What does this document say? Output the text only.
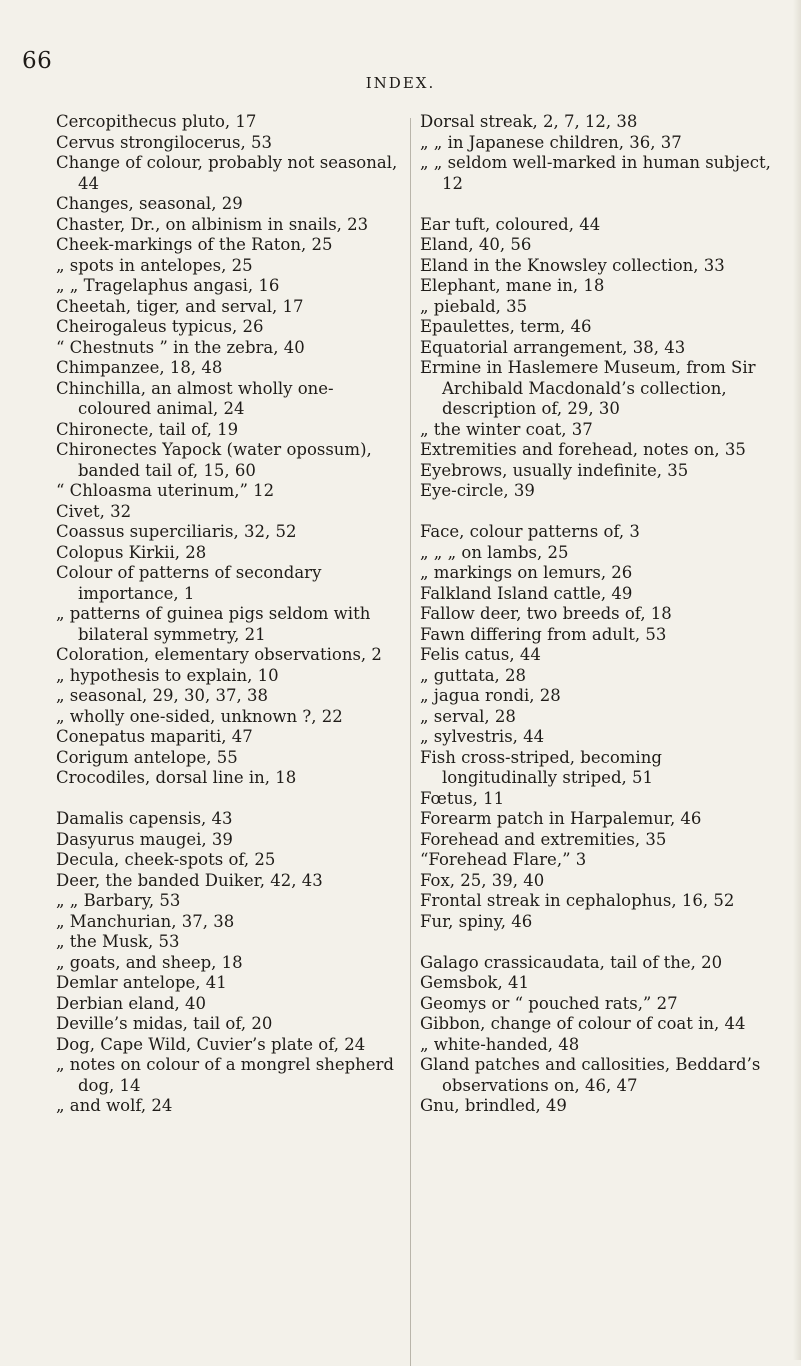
66
INDEX.
Cercopithecus pluto, 17
Cervus strongilocerus, 53
Change of colour, probably not seasonal, 44
Changes, seasonal, 29
Chaster, Dr., on albinism in snails, 23
Cheek-markings of the Raton, 25
„ spots in antelopes, 25
„ „ Tragelaphus angasi, 16
Cheetah, tiger, and serval, 17
Cheirogaleus typicus, 26
“ Chestnuts ” in the zebra, 40
Chimpanzee, 18, 48
Chinchilla, an almost wholly one-coloured animal, 24
Chironecte, tail of, 19
Chironectes Yapock (water opossum), banded tail of, 15, 60
“ Chloasma uterinum,” 12
Civet, 32
Coassus superciliaris, 32, 52
Colopus Kirkii, 28
Colour of patterns of secondary importance, 1
„ patterns of guinea pigs seldom with bilateral symmetry, 21
Coloration, elementary observations, 2
„ hypothesis to explain, 10
„ seasonal, 29, 30, 37, 38
„ wholly one-sided, unknown ?, 22
Conepatus mapariti, 47
Corigum antelope, 55
Crocodiles, dorsal line in, 18
Damalis capensis, 43
Dasyurus maugei, 39
Decula, cheek-spots of, 25
Deer, the banded Duiker, 42, 43
„ „ Barbary, 53
„ Manchurian, 37, 38
„ the Musk, 53
„ goats, and sheep, 18
Demlar antelope, 41
Derbian eland, 40
Deville’s midas, tail of, 20
Dog, Cape Wild, Cuvier’s plate of, 24
„ notes on colour of a mongrel shepherd dog, 14
„ and wolf, 24
Dorsal streak, 2, 7, 12, 38
„ „ in Japanese children, 36, 37
„ „ seldom well-marked in human subject, 12
Ear tuft, coloured, 44
Eland, 40, 56
Eland in the Knowsley collection, 33
Elephant, mane in, 18
„ piebald, 35
Epaulettes, term, 46
Equatorial arrangement, 38, 43
Ermine in Haslemere Museum, from Sir Archibald Macdonald’s collection, description of, 29, 30
„ the winter coat, 37
Extremities and forehead, notes on, 35
Eyebrows, usually indefinite, 35
Eye-circle, 39
Face, colour patterns of, 3
„ „ „ on lambs, 25
„ markings on lemurs, 26
Falkland Island cattle, 49
Fallow deer, two breeds of, 18
Fawn differing from adult, 53
Felis catus, 44
„ guttata, 28
„ jagua rondi, 28
„ serval, 28
„ sylvestris, 44
Fish cross-striped, becoming longitudinally striped, 51
Fœtus, 11
Forearm patch in Harpalemur, 46
Forehead and extremities, 35
“Forehead Flare,” 3
Fox, 25, 39, 40
Frontal streak in cephalophus, 16, 52
Fur, spiny, 46
Galago crassicaudata, tail of the, 20
Gemsbok, 41
Geomys or “ pouched rats,” 27
Gibbon, change of colour of coat in, 44
„ white-handed, 48
Gland patches and callosities, Beddard’s observations on, 46, 47
Gnu, brindled, 49
